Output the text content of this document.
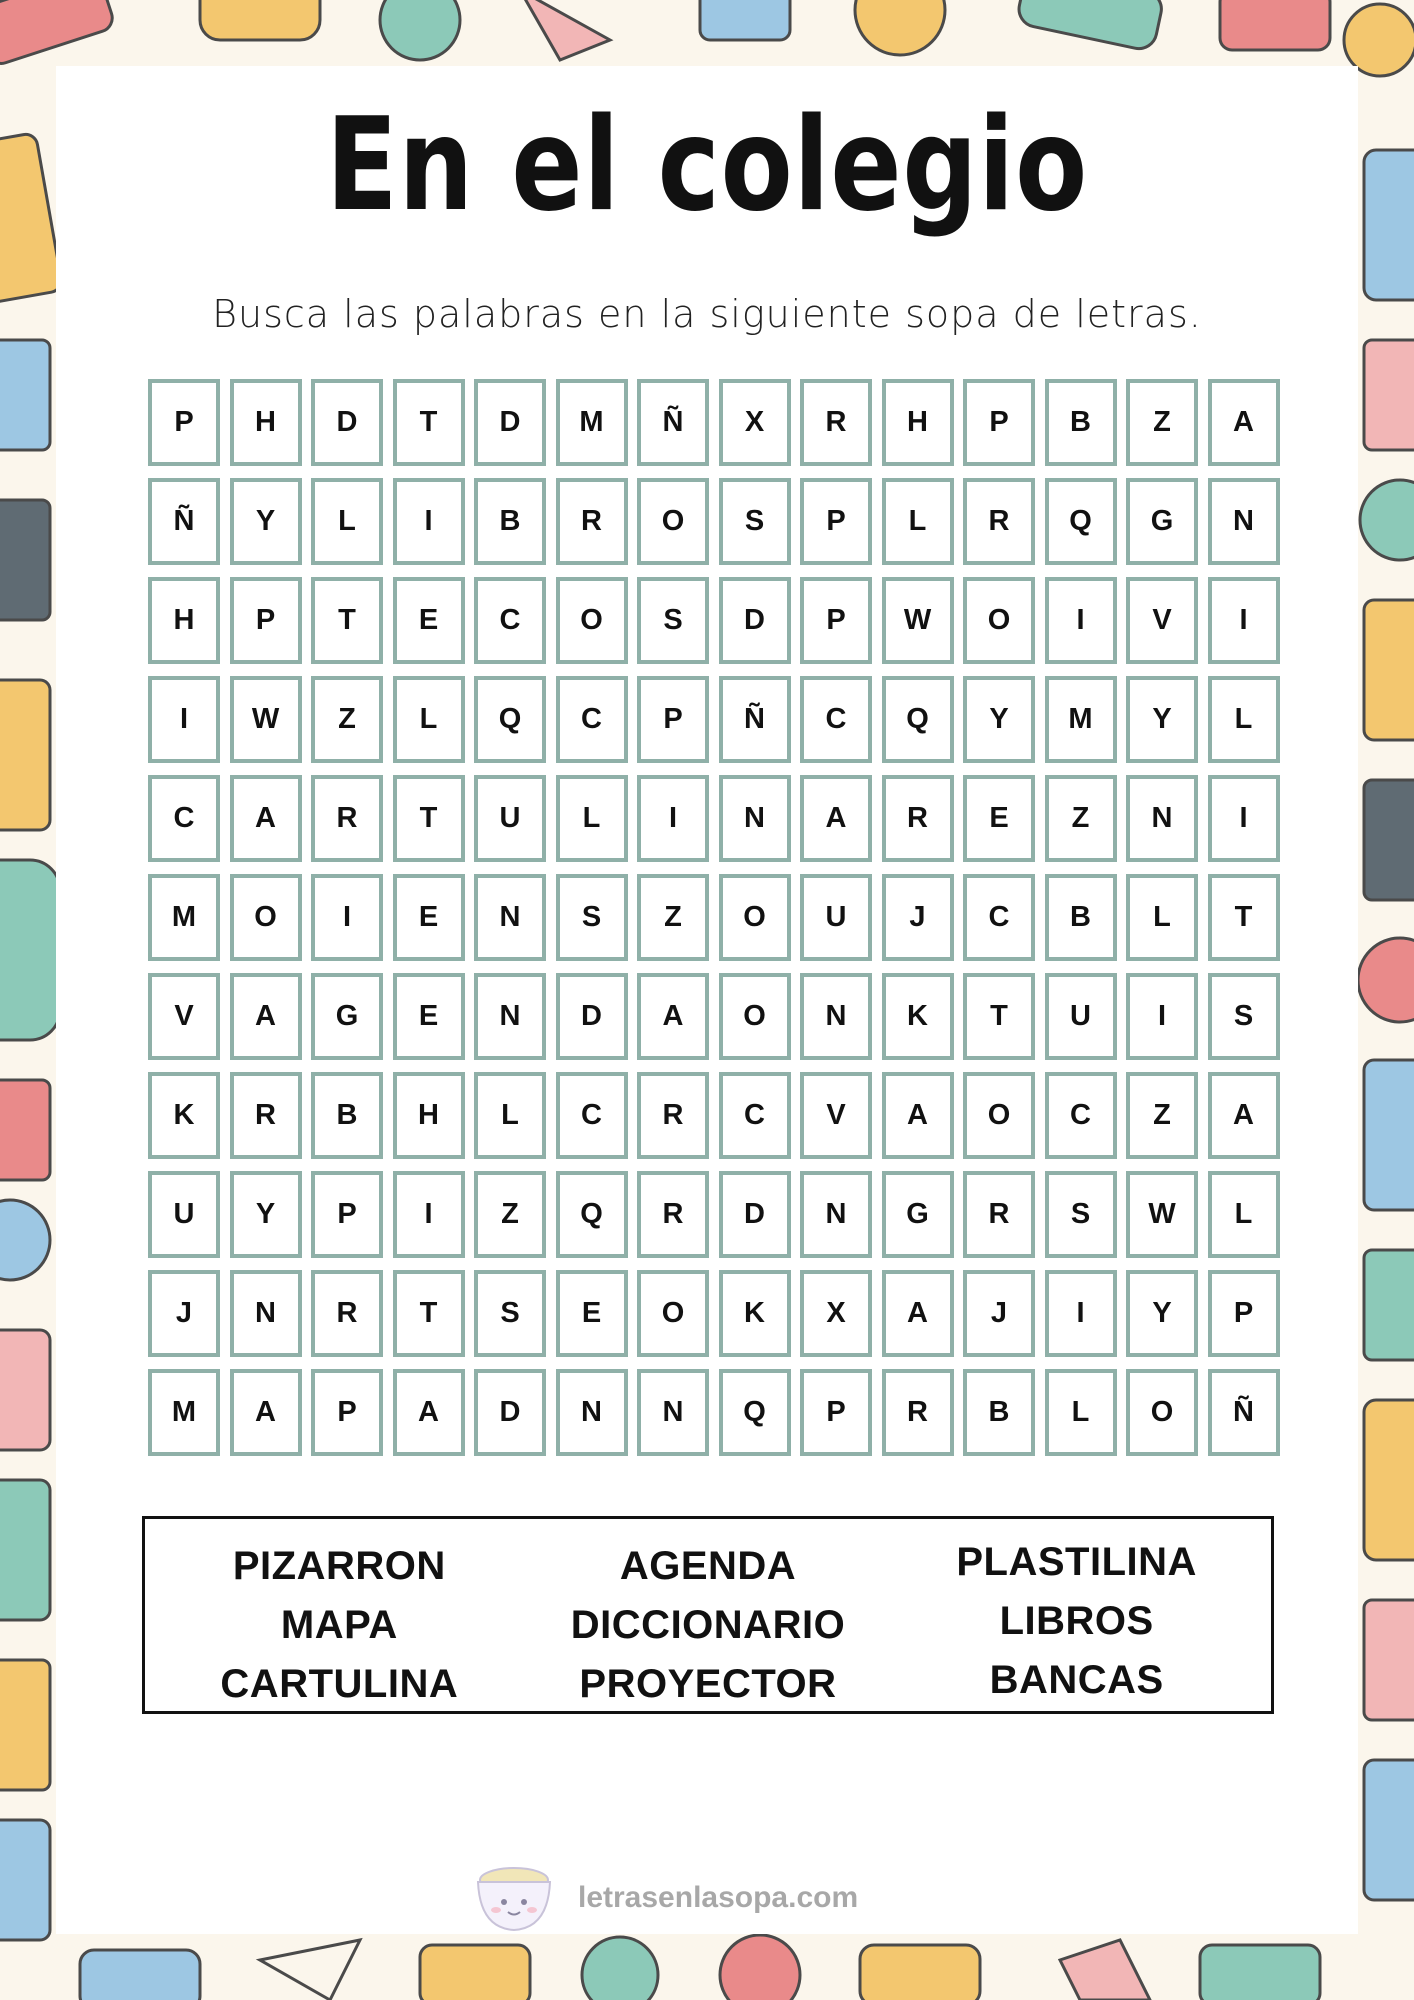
En el colegio
Busca las palabras en la siguiente sopa de letras.
P	H	D	T	D	M	Ñ	X	R	H	P	B	Z	A
Ñ	Y	L	I	B	R	O	S	P	L	R	Q	G	N
H	P	T	E	C	O	S	D	P	W	O	I	V	I
I	W	Z	L	Q	C	P	Ñ	C	Q	Y	M	Y	L
C	A	R	T	U	L	I	N	A	R	E	Z	N	I
M	O	I	E	N	S	Z	O	U	J	C	B	L	T
V	A	G	E	N	D	A	O	N	K	T	U	I	S
K	R	B	H	L	C	R	C	V	A	O	C	Z	A
U	Y	P	I	Z	Q	R	D	N	G	R	S	W	L
J	N	R	T	S	E	O	K	X	A	J	I	Y	P
M	A	P	A	D	N	N	Q	P	R	B	L	O	Ñ
PIZARRON
MAPA
CARTULINA
AGENDA
DICCIONARIO
PROYECTOR
PLASTILINA
LIBROS
BANCAS
letrasenlasopa.com
